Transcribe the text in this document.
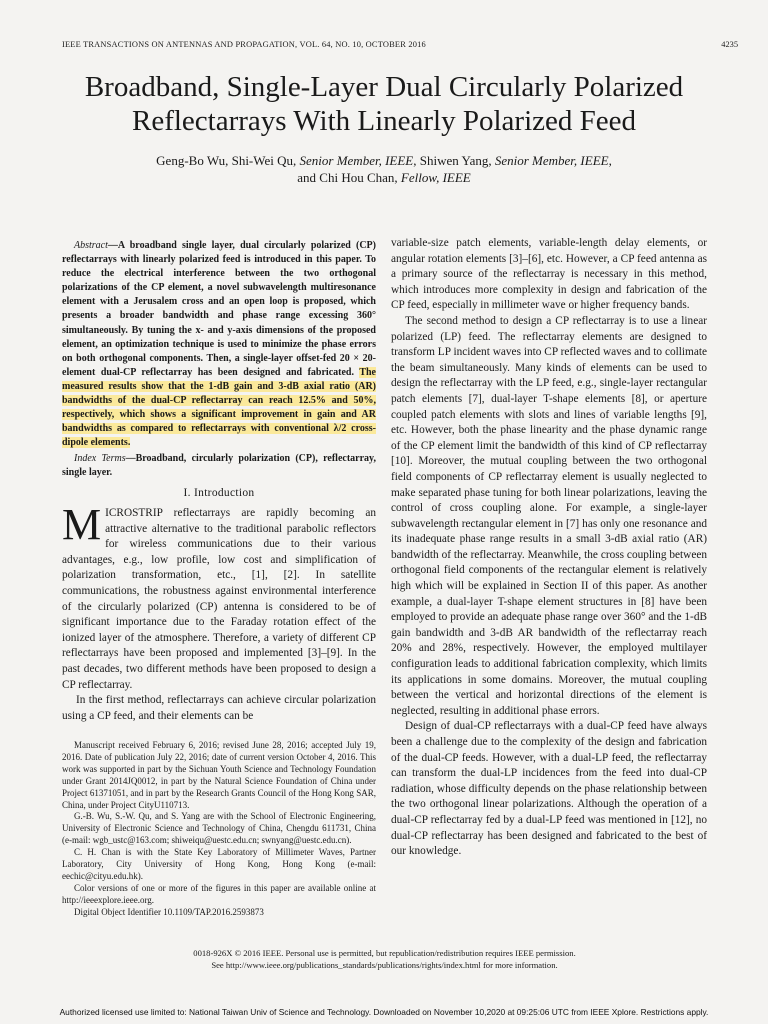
IEEE TRANSACTIONS ON ANTENNAS AND PROPAGATION, VOL. 64, NO. 10, OCTOBER 2016	4235
Broadband, Single-Layer Dual Circularly Polarized
Reflectarrays With Linearly Polarized Feed
Geng-Bo Wu, Shi-Wei Qu, Senior Member, IEEE, Shiwen Yang, Senior Member, IEEE,
and Chi Hou Chan, Fellow, IEEE
Abstract—A broadband single layer, dual circularly polarized (CP) reflectarrays with linearly polarized feed is introduced in this paper. To reduce the electrical interference between the two orthogonal polarizations of the CP element, a novel subwavelength multiresonance element with a Jerusalem cross and an open loop is proposed, which presents a broader bandwidth and phase range excessing 360° simultaneously. By tuning the x- and y-axis dimensions of the proposed element, an optimization technique is used to minimize the phase errors on both orthogonal components. Then, a single-layer offset-fed 20 × 20-element dual-CP reflectarray has been designed and fabricated. The measured results show that the 1-dB gain and 3-dB axial ratio (AR) bandwidths of the dual-CP reflectarray can reach 12.5% and 50%, respectively, which shows a significant improvement in gain and AR bandwidths as compared to reflectarrays with conventional λ/2 cross-dipole elements.
Index Terms—Broadband, circularly polarization (CP), reflectarray, single layer.
I. Introduction

MICROSTRIP reflectarrays are rapidly becoming an attractive alternative to the traditional parabolic reflectors for wireless communications due to their various advantages, e.g., low profile, low cost and simplification of polarization transformation, etc., [1], [2]. In satellite communications, the robustness against environmental interference of the circularly polarized (CP) antenna is considered to be of significant importance due to the Faraday rotation effect of the ionized layer of the atmosphere. Therefore, a variety of different CP reflectarrays have been proposed and implemented [3]–[9]. In the past decades, two different methods have been proposed to design a CP reflectarray.

In the first method, reflectarrays can achieve circular polarization using a CP feed, and their elements can be

Manuscript received February 6, 2016; revised June 28, 2016; accepted July 19, 2016. Date of publication July 22, 2016; date of current version October 4, 2016. This work was supported in part by the Sichuan Youth Science and Technology Foundation under Grant 2014JQ0012, in part by the Natural Science Foundation of China under Project 61371051, and in part by the Research Grants Council of the Hong Kong SAR, China, under Project CityU110713.

G.-B. Wu, S.-W. Qu, and S. Yang are with the School of Electronic Engineering, University of Electronic Science and Technology of China, Chengdu 611731, China (e-mail: wgb_ustc@163.com; shiweiqu@uestc.edu.cn; swnyang@uestc.edu.cn).

C. H. Chan is with the State Key Laboratory of Millimeter Waves, Partner Laboratory, City University of Hong Kong, Hong Kong (e-mail: eechic@cityu.edu.hk).

Color versions of one or more of the figures in this paper are available online at http://ieeexplore.ieee.org.

Digital Object Identifier 10.1109/TAP.2016.2593873

variable-size patch elements, variable-length delay elements, or angular rotation elements [3]–[6], etc. However, a CP feed antenna as a primary source of the reflectarray is necessary in this method, which introduces more complexity in design and fabrication of the CP feed, especially in millimeter wave or higher frequency bands.

The second method to design a CP reflectarray is to use a linear polarized (LP) feed. The reflectarray elements are designed to transform LP incident waves into CP reflected waves and to collimate the beam simultaneously. Many kinds of elements can be used to design the reflectarray with the LP feed, e.g., single-layer rectangular patch elements [7], dual-layer T-shape elements [8], or aperture coupled patch elements with slots and lines of variable lengths [9], etc. However, both the phase linearity and the phase dynamic range of the CP element limit the bandwidth of this kind of CP reflectarray [10]. Moreover, the mutual coupling between the two orthogonal field components of CP reflectarray element is usually neglected to make separated phase tuning for both linear polarizations, leaving the control of cross coupling alone. For example, a single-layer subwavelength rectangular element in [7] has only one resonance and its inadequate phase range results in a small 3-dB axial ratio (AR) bandwidth of the reflectarray. Meanwhile, the cross coupling between orthogonal field components of the rectangular element is relatively high which will be explained in Section II of this paper. As another example, a dual-layer T-shape element structures in [8] have been employed to provide an adequate phase range over 360° and the 1-dB gain bandwidth and 3-dB AR bandwidth of the reflectarray reach 20% and 28%, respectively. However, the employed multilayer configuration leads to additional fabrication complexity, which limits its applications in some domains. Moreover, the mutual coupling between the vertical and horizontal directions of the element is neglected, resulting in additional phase errors.

Design of dual-CP reflectarrays with a dual-CP feed have always been a challenge due to the complexity of the design and fabrication of the dual-CP feeds. However, with a dual-LP feed, the reflectarray can transform the dual-LP incidences from the feed into dual-CP radiation, whose difficulty depends on the phase relationship between the two orthogonal linear polarizations. Although the operation of a dual-CP reflectarray fed by a dual-LP feed was mentioned in [12], no dual-CP reflectarray has been designed and fabricated to the best of our knowledge.

0018-926X © 2016 IEEE. Personal use is permitted, but republication/redistribution requires IEEE permission.
See http://www.ieee.org/publications_standards/publications/rights/index.html for more information.
Authorized licensed use limited to: National Taiwan Univ of Science and Technology. Downloaded on November 10,2020 at 09:25:06 UTC from IEEE Xplore. Restrictions apply.
